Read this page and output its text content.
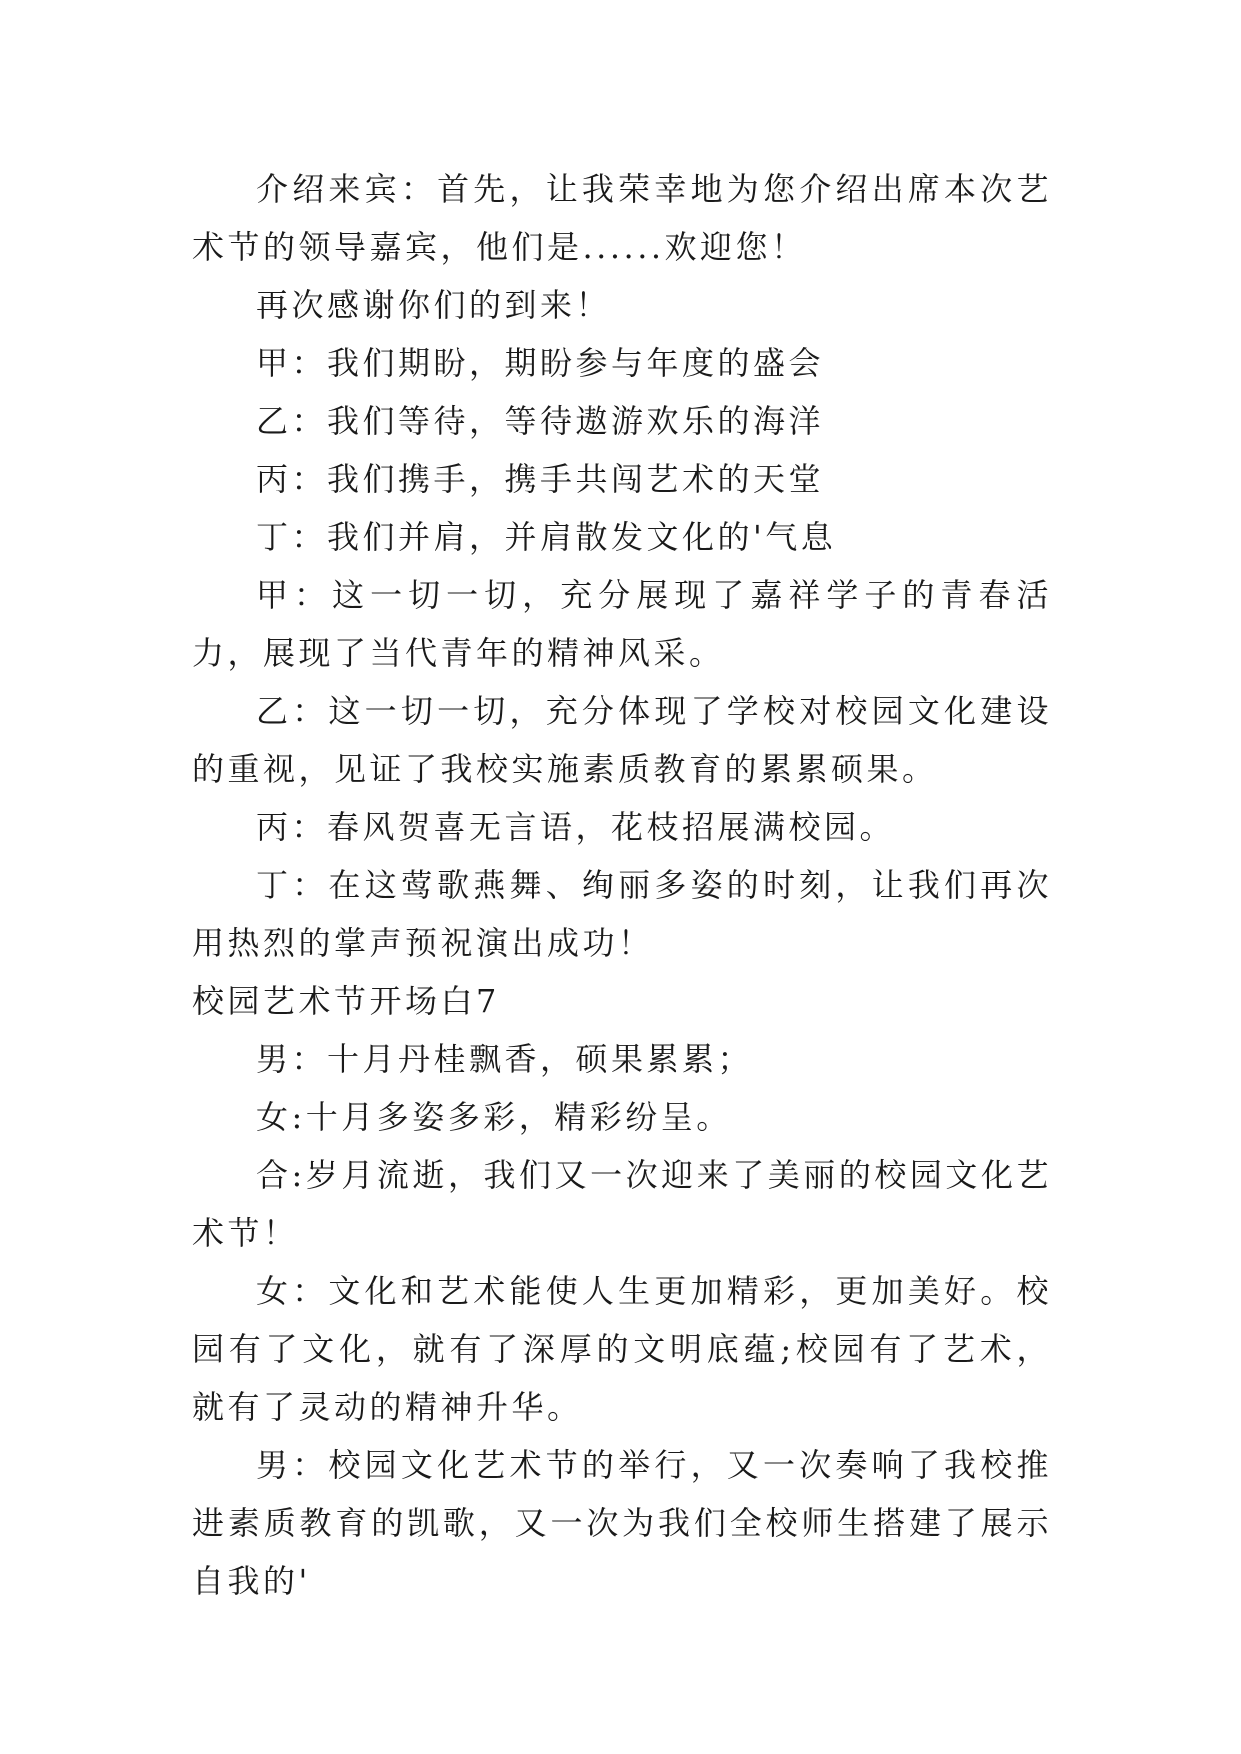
介绍来宾：首先，让我荣幸地为您介绍出席本次艺术节的领导嘉宾，他们是......欢迎您！

再次感谢你们的到来！

甲：我们期盼，期盼参与年度的盛会

乙：我们等待，等待遨游欢乐的海洋

丙：我们携手，携手共闯艺术的天堂

丁：我们并肩，并肩散发文化的'气息

甲：这一切一切，充分展现了嘉祥学子的青春活力，展现了当代青年的精神风采。

乙：这一切一切，充分体现了学校对校园文化建设的重视，见证了我校实施素质教育的累累硕果。

丙：春风贺喜无言语，花枝招展满校园。

丁：在这莺歌燕舞、绚丽多姿的时刻，让我们再次用热烈的掌声预祝演出成功！

校园艺术节开场白7

男：十月丹桂飘香，硕果累累；

女:十月多姿多彩，精彩纷呈。

合:岁月流逝，我们又一次迎来了美丽的校园文化艺术节！

女：文化和艺术能使人生更加精彩，更加美好。校园有了文化，就有了深厚的文明底蕴;校园有了艺术，就有了灵动的精神升华。

男：校园文化艺术节的举行，又一次奏响了我校推进素质教育的凯歌，又一次为我们全校师生搭建了展示自我的'
